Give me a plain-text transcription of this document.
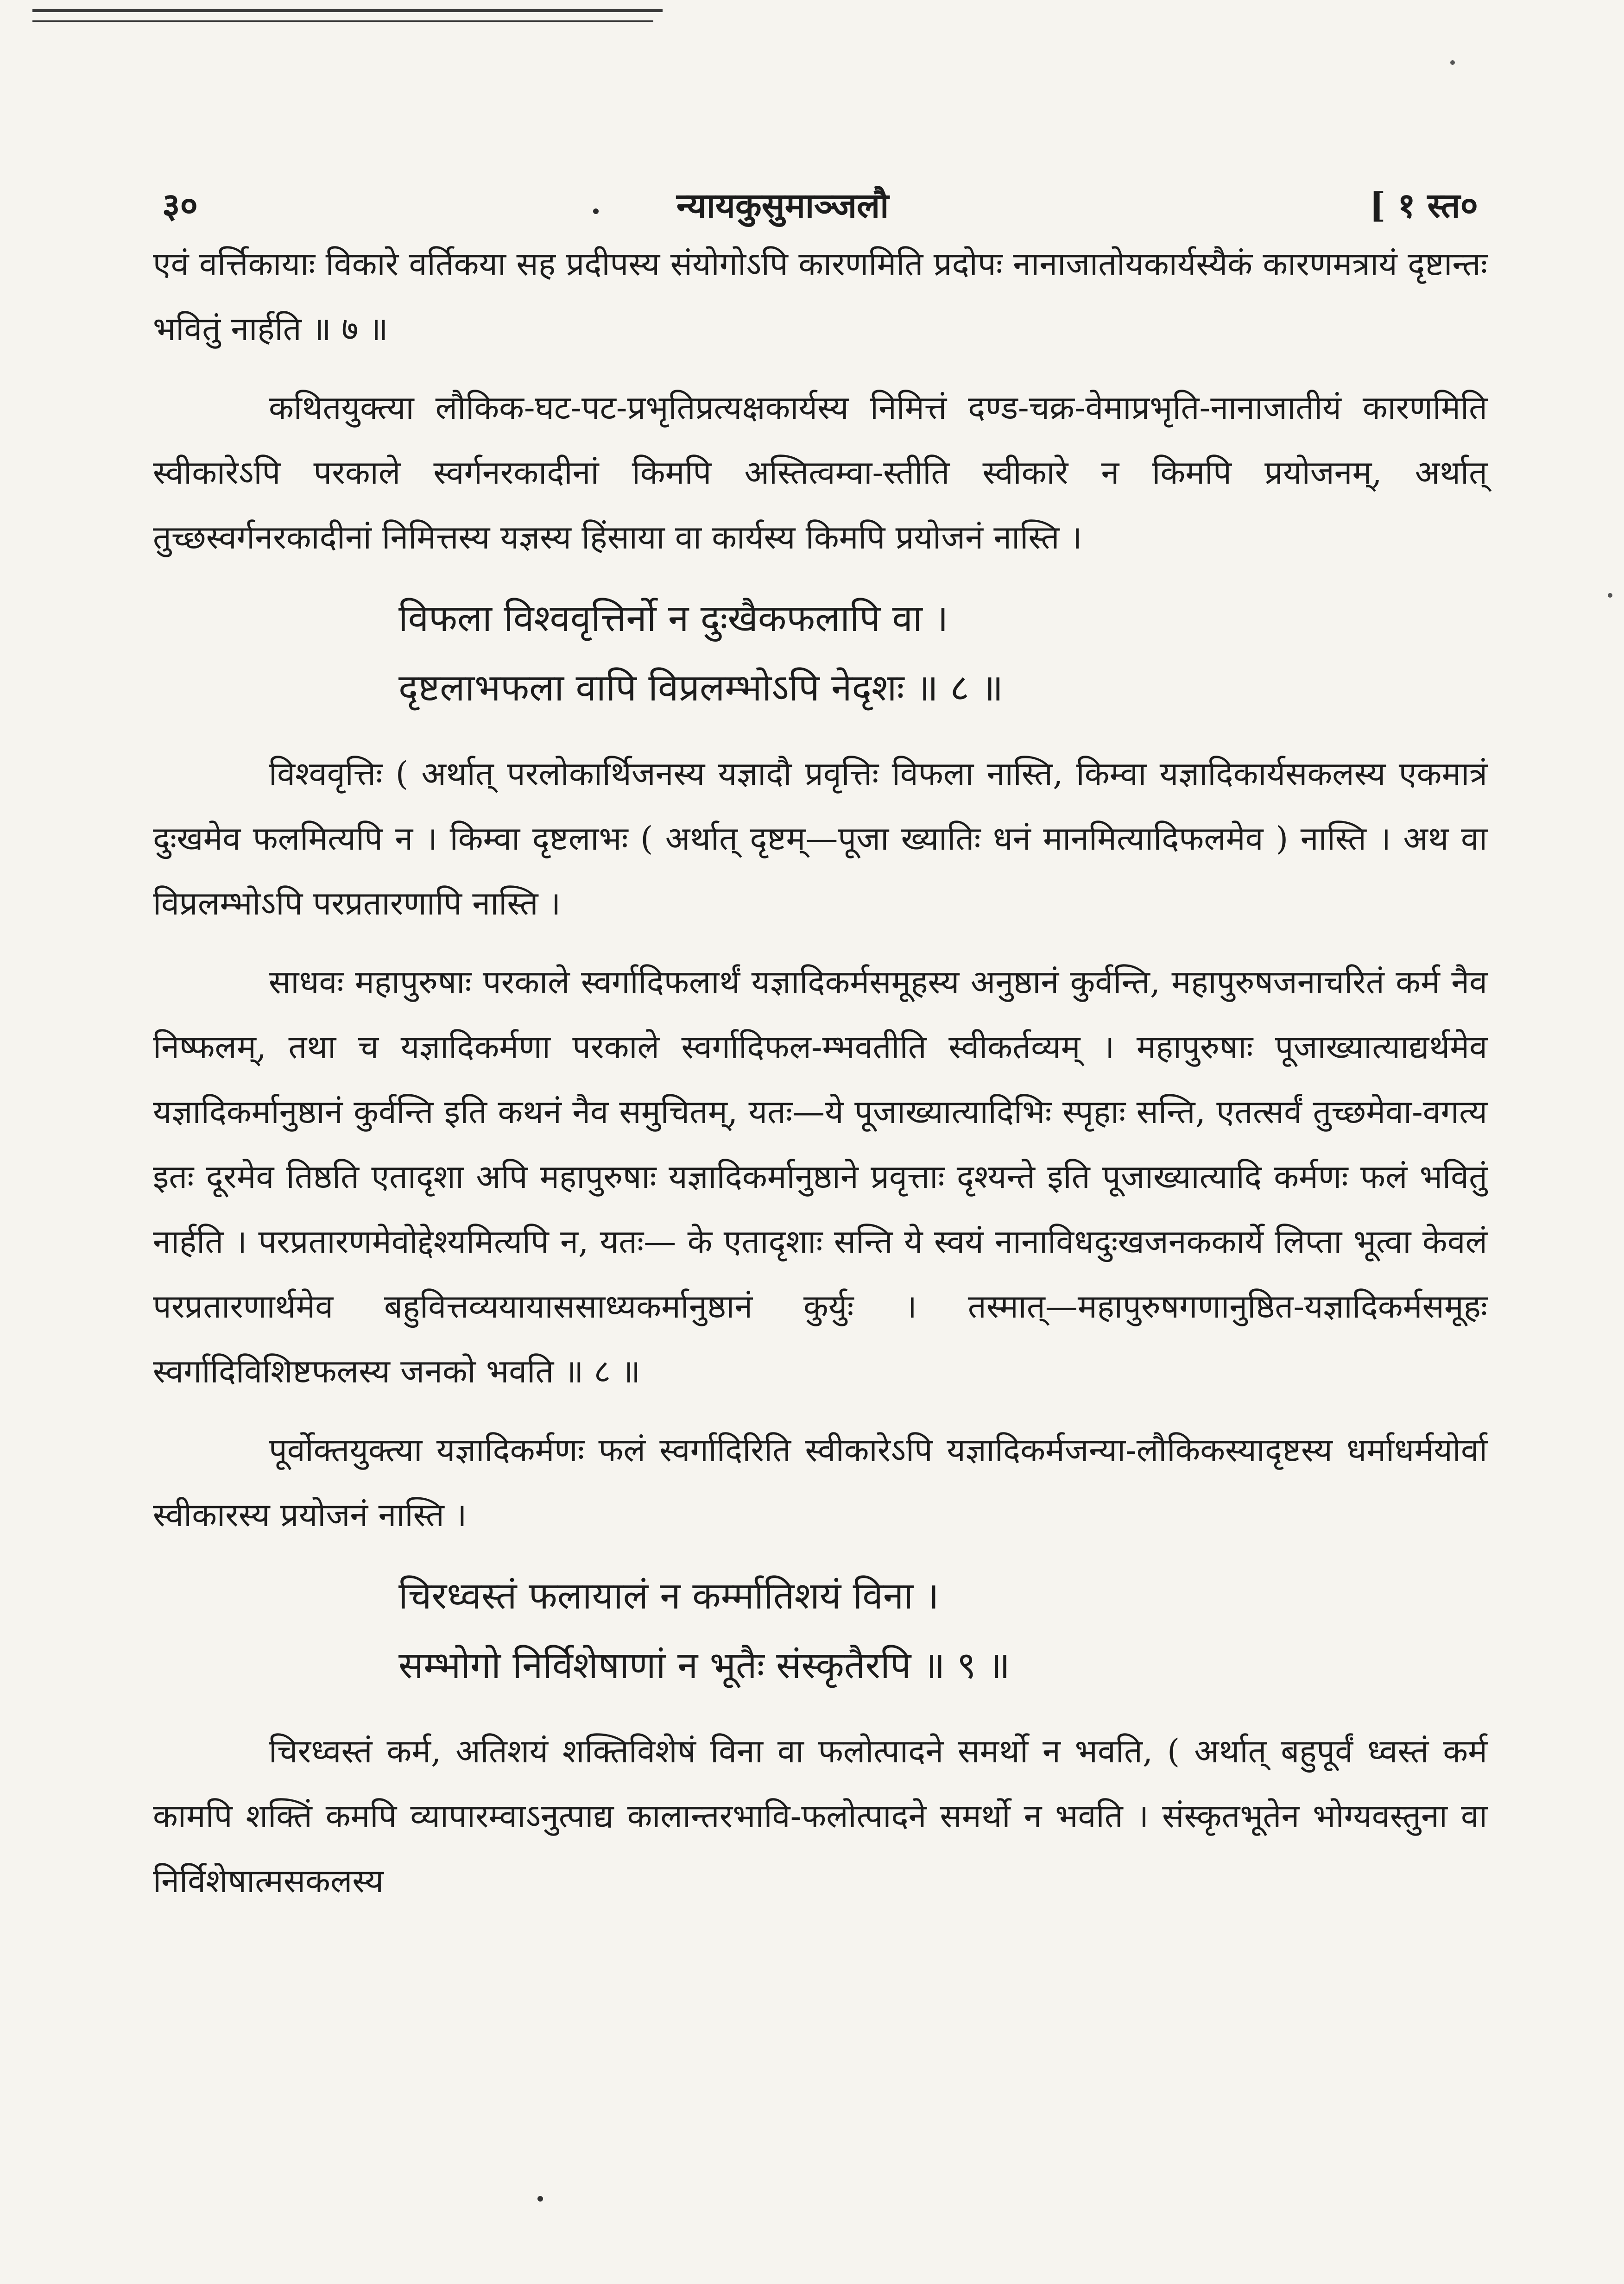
३०	न्यायकुसुमाञ्जलौ	[ १ स्त०

एवं वर्त्तिकायाः विकारे वर्तिकया सह प्रदीपस्य संयोगोऽपि कारणमिति प्रदोपः नानाजातोयकार्यस्यैकं कारणमत्रायं दृष्टान्तः भवितुं नार्हति ॥ ७ ॥

कथितयुक्त्या लौकिक-घट-पट-प्रभृतिप्रत्यक्षकार्यस्य निमित्तं दण्ड-चक्र-वेमाप्रभृति-नानाजातीयं कारणमिति स्वीकारेऽपि परकाले स्वर्गनरकादीनां किमपि अस्तित्वम्वा-स्तीति स्वीकारे न किमपि प्रयोजनम्, अर्थात् तुच्छस्वर्गनरकादीनां निमित्तस्य यज्ञस्य हिंसाया वा कार्यस्य किमपि प्रयोजनं नास्ति ।

विफला विश्ववृत्तिर्नो न दुःखैकफलापि वा ।
दृष्टलाभफला वापि विप्रलम्भोऽपि नेदृशः ॥ ८ ॥

विश्ववृत्तिः ( अर्थात् परलोकार्थिजनस्य यज्ञादौ प्रवृत्तिः विफला नास्ति, किम्वा यज्ञादिकार्यसकलस्य एकमात्रं दुःखमेव फलमित्यपि न । किम्वा दृष्टलाभः ( अर्थात् दृष्टम्—पूजा ख्यातिः धनं मानमित्यादिफलमेव ) नास्ति । अथ वा विप्रलम्भोऽपि परप्रतारणापि नास्ति ।

साधवः महापुरुषाः परकाले स्वर्गादिफलार्थं यज्ञादिकर्मसमूहस्य अनुष्ठानं कुर्वन्ति, महापुरुषजनाचरितं कर्म नैव निष्फलम्, तथा च यज्ञादिकर्मणा परकाले स्वर्गादिफल-म्भवतीति स्वीकर्तव्यम् । महापुरुषाः पूजाख्यात्याद्यर्थमेव यज्ञादिकर्मानुष्ठानं कुर्वन्ति इति कथनं नैव समुचितम्, यतः—ये पूजाख्यात्यादिभिः स्पृहाः सन्ति, एतत्सर्वं तुच्छमेवा-वगत्य इतः दूरमेव तिष्ठति एतादृशा अपि महापुरुषाः यज्ञादिकर्मानुष्ठाने प्रवृत्ताः दृश्यन्ते इति पूजाख्यात्यादि कर्मणः फलं भवितुं नार्हति । परप्रतारणमेवोद्देश्यमित्यपि न, यतः— के एतादृशाः सन्ति ये स्वयं नानाविधदुःखजनककार्ये लिप्ता भूत्वा केवलं परप्रतारणार्थमेव बहुवित्तव्ययायाससाध्यकर्मानुष्ठानं कुर्युः । तस्मात्—महापुरुषगणानुष्ठित-यज्ञादिकर्मसमूहः स्वर्गादिविशिष्टफलस्य जनको भवति ॥ ८ ॥

पूर्वोक्तयुक्त्या यज्ञादिकर्मणः फलं स्वर्गादिरिति स्वीकारेऽपि यज्ञादिकर्मजन्या-लौकिकस्यादृष्टस्य धर्माधर्मयोर्वा स्वीकारस्य प्रयोजनं नास्ति ।

चिरध्वस्तं फलायालं न कर्म्मातिशयं विना ।
सम्भोगो निर्विशेषाणां न भूतैः संस्कृतैरपि ॥ ९ ॥

चिरध्वस्तं कर्म, अतिशयं शक्तिविशेषं विना वा फलोत्पादने समर्थो न भवति, ( अर्थात् बहुपूर्वं ध्वस्तं कर्म कामपि शक्तिं कमपि व्यापारम्वाऽनुत्पाद्य कालान्तरभावि-फलोत्पादने समर्थो न भवति । संस्कृतभूतेन भोग्यवस्तुना वा निर्विशेषात्मसकलस्य
